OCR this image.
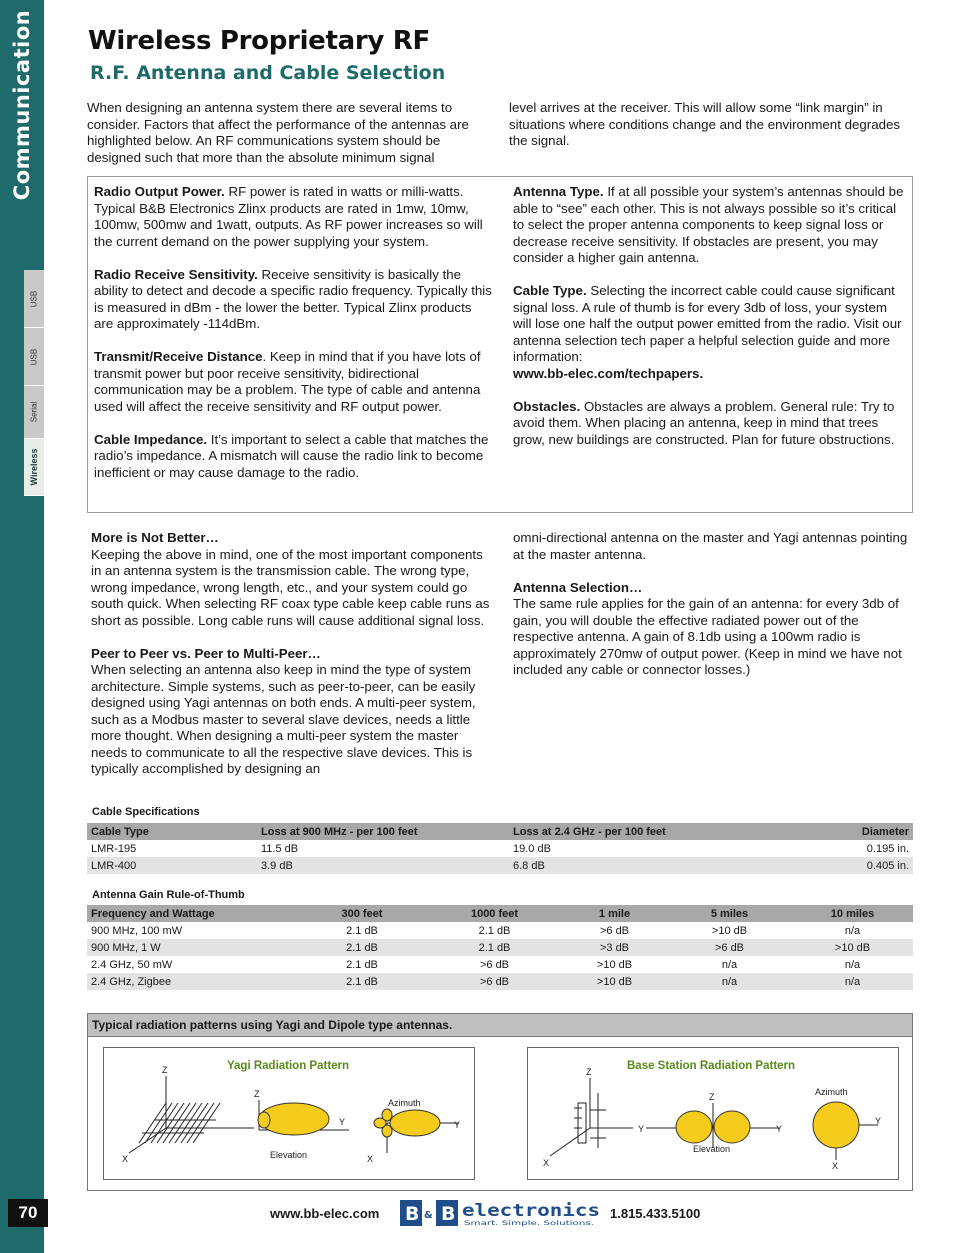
Communication
USB
USB
Serial
Wireless
70
Wireless Proprietary RF
R.F. Antenna and Cable Selection

When designing an antenna system there are several items to consider. Factors that affect the performance of the antennas are highlighted below. An RF communications system should be designed such that more than the absolute minimum signal

level arrives at the receiver. This will allow some “link margin” in situations where conditions change and the environment degrades the signal.

Radio Output Power. RF power is rated in watts or milli-watts. Typical B&B Electronics Zlinx products are rated in 1mw, 10mw, 100mw, 500mw and 1watt, outputs. As RF power increases so will the current demand on the power supplying your system.

Radio Receive Sensitivity. Receive sensitivity is basically the ability to detect and decode a specific radio frequency. Typically this is measured in dBm - the lower the better. Typical Zlinx products are approximately -114dBm.

Transmit/Receive Distance. Keep in mind that if you have lots of transmit power but poor receive sensitivity, bidirectional communication may be a problem. The type of cable and antenna used will affect the receive sensitivity and RF output power.

Cable Impedance. It’s important to select a cable that matches the radio’s impedance. A mismatch will cause the radio link to become inefficient or may cause damage to the radio.

Antenna Type. If at all possible your system’s antennas should be able to “see” each other. This is not always possible so it’s critical to select the proper antenna components to keep signal loss or decrease receive sensitivity. If obstacles are present, you may consider a higher gain antenna.

Cable Type. Selecting the incorrect cable could cause significant signal loss. A rule of thumb is for every 3db of loss, your system will lose one half the output power emitted from the radio. Visit our antenna selection tech paper a helpful selection guide and more information:
www.bb-elec.com/techpapers.

Obstacles. Obstacles are always a problem. General rule: Try to avoid them. When placing an antenna, keep in mind that trees grow, new buildings are constructed. Plan for future obstructions.

More is Not Better…

Keeping the above in mind, one of the most important components in an antenna system is the transmission cable. The wrong type, wrong impedance, wrong length, etc., and your system could go south quick. When selecting RF coax type cable keep cable runs as short as possible. Long cable runs will cause additional signal loss.

Peer to Peer vs. Peer to Multi-Peer…

When selecting an antenna also keep in mind the type of system architecture. Simple systems, such as peer-to-peer, can be easily designed using Yagi antennas on both ends. A multi-peer system, such as a Modbus master to several slave devices, needs a little more thought. When designing a multi-peer system the master needs to communicate to all the respective slave devices. This is typically accomplished by designing an

omni-directional antenna on the master and Yagi antennas pointing at the master antenna.

Antenna Selection…

The same rule applies for the gain of an antenna: for every 3db of gain, you will double the effective radiated power out of the respective antenna. A gain of 8.1db using a 100wm radio is approximately 270mw of output power. (Keep in mind we have not included any cable or connector losses.)

Cable Specifications
Cable Type	Loss at 900 MHz - per 100 feet	Loss at 2.4 GHz - per 100 feet	Diameter
LMR-195	11.5 dB	19.0 dB	0.195 in.
LMR-400	3.9 dB	6.8 dB	0.405 in.
Antenna Gain Rule-of-Thumb
Frequency and Wattage	300 feet	1000 feet	1 mile	5 miles	10 miles
900 MHz, 100 mW	2.1 dB	2.1 dB	>6 dB	>10 dB	n/a
900 MHz, 1 W	2.1 dB	2.1 dB	>3 dB	>6 dB	>10 dB
2.4 GHz, 50 mW	2.1 dB	>6 dB	>10 dB	n/a	n/a
2.4 GHz, Zigbee	2.1 dB	>6 dB	>10 dB	n/a	n/a
Typical radiation patterns using Yagi and Dipole type antennas.
Yagi Radiation Pattern
Z
X
Z
Y
Elevation
Azimuth
Y
X
Base Station Radiation Pattern
Z
X
Y
Z
Y
Elevation
Azimuth
Y
X
www.bb-elec.com B & B electronics
Smart. Simple. Solutions.
1.815.433.5100
